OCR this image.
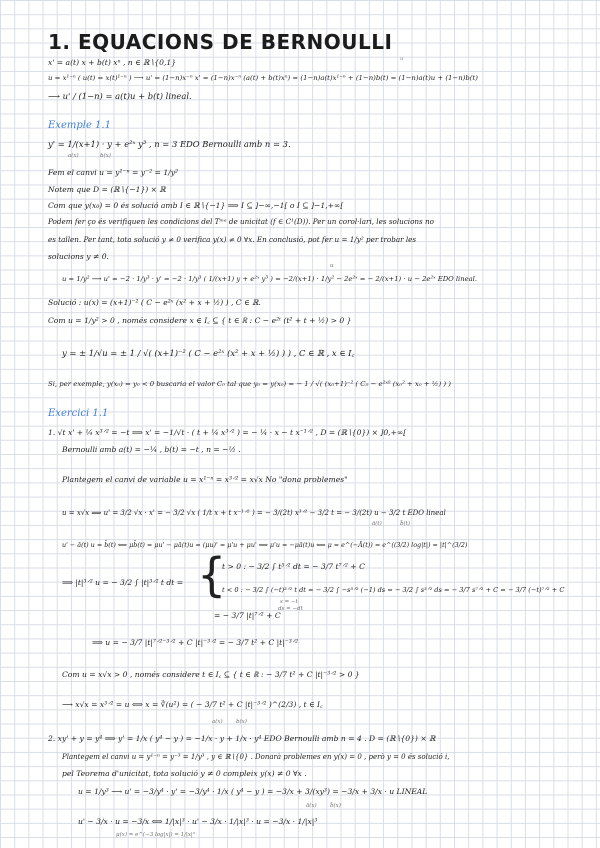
1. EQUACIONS DE BERNOULLI
x' = a(t) x + b(t) xⁿ , n ∈ ℝ∖{0,1}	u
u = x¹⁻ⁿ ( u(t) = x(t)¹⁻ⁿ ) ⟶ u' = (1−n)x⁻ⁿ x' = (1−n)x⁻ⁿ (a(t) + b(t)xⁿ) = (1−n)a(t)x¹⁻ⁿ + (1−n)b(t) = (1−n)a(t)u + (1−n)b(t)
⟶ u' / (1−n) = a(t)u + b(t) lineal.
Exemple 1.1
y' = 1/(x+1) · y + e²ˣ y³ , n = 3 EDO Bernoulli amb n = 3.
a(x)	b(x)
Fem el canvi u = y¹⁻ⁿ = y⁻² = 1/y²
Notem que D = (ℝ∖{−1}) × ℝ
Com que y(x₀) = 0 és solució amb I ∈ ℝ∖{−1} ⟹ I ⊆ ]−∞,−1[ o I ⊆ ]−1,+∞[
Podem fer ço és verifiquen les condicions del Tᵐᵃ de unicitat (f ∈ C¹(D)). Per un corol·lari, les solucions no
es tallen. Per tant, tota solució y ≠ 0 verifica y(x) ≠ 0 ∀x. En conclusió, pot fer u = 1/y² per trobar les
solucions y ≠ 0.
u
u = 1/y² ⟶ u' = −2 · 1/y³ · y' = −2 · 1/y³ ( 1/(x+1) y + e²ˣ y³ ) = −2/(x+1) · 1/y² − 2e²ˣ = − 2/(x+1) · u − 2e²ˣ EDO lineal.
Solució : u(x) = (x+1)⁻² ( C − e²ˣ (x² + x + ½) ) , C ∈ ℝ.
Com u = 1/y² > 0 , només considere x ∈ I꜀ ⊆ { t ∈ ℝ : C − e²ᵗ (t² + t + ½) > 0 }
y = ± 1/√u = ± 1 / √( (x+1)⁻² ( C − e²ˣ (x² + x + ½) ) ) , C ∈ ℝ , x ∈ I꜀
Si, per exemple, y(x₀) = y₀ < 0 buscaria el valor C₀ tal que y₀ = y(x₀) = − 1 / √( (x₀+1)⁻² ( C₀ − e²ˣ⁰ (x₀² + x₀ + ½) ) )
Exercici 1.1
1. √t x' + ¼ x³ᐟ² = −t ⟹ x' = −1/√t · ( t + ¼ x³ᐟ² ) = − ¼ · x − t x⁻¹ᐟ² , D = (ℝ∖{0}) × ]0,+∞[
Bernoulli amb a(t) = −¼ , b(t) = −t , n = −½ .
Plantegem el canvi de variable u = x¹⁻ⁿ = x³ᐟ² = x√x No "dona problemes"
u = x√x ⟹ u' = 3/2 √x · x' = − 3/2 √x ( 1/t x + t x⁻¹ᐟ² ) = − 3/(2t) x³ᐟ² − 3/2 t = − 3/(2t) u − 3/2 t EDO lineal
ā(t)	b̄(t)
u' − ā(t) u = b̄(t) ⟺ μb̄(t) = μu' − μā(t)u = (μu)' = μ'u + μu' ⟺ μ'u = −μā(t)u ⟺ μ = e^(−Ā(t)) = e^((3/2) log|t|) = |t|^(3/2)
⟹ |t|³ᐟ² u = − 3/2 ∫ |t|³ᐟ² t dt = {
t > 0 : − 3/2 ∫ t⁵ᐟ² dt = − 3/7 t⁷ᐟ² + C
t < 0 : − 3/2 ∫ (−t)³ᐟ² t dt = − 3/2 ∫ −s³ᐟ² (−1) ds = − 3/2 ∫ s³ᐟ² ds = − 3/7 s⁷ᐟ² + C = − 3/7 (−t)⁷ᐟ² + C
s = −t
ds = −dt
= − 3/7 |t|⁷ᐟ² + C
⟹ u = − 3/7 |t|⁷ᐟ²⁻³ᐟ² + C |t|⁻³ᐟ² = − 3/7 t² + C |t|⁻³ᐟ²
Com u = x√x > 0 , només considere t ∈ I꜀ ⊆ { t ∈ ℝ : − 3/7 t² + C |t|⁻³ᐟ² > 0 }
⟶ x√x = x³ᐟ² = u ⟺ x = ∛(u²) = ( − 3/7 t² + C |t|⁻³ᐟ² )^(2/3) , t ∈ I꜀
a(x) b(x)
2. xy' + y = y⁴ ⟹ y' = 1/x ( y⁴ − y ) = −1/x · y + 1/x · y⁴ EDO Bernoulli amb n = 4 . D = (ℝ∖{0}) × ℝ
Plantegem el canvi u = y¹⁻ⁿ = y⁻³ = 1/y³ , y ∈ ℝ∖{0} . Donarà problemes en y(x) = 0 , però y = 0 és solució i,
pel Teorema d'unicitat, tota solució y ≠ 0 compleix y(x) ≠ 0 ∀x .
u = 1/y³ ⟶ u' = −3/y⁴ · y' = −3/y⁴ · 1/x ( y⁴ − y ) = −3/x + 3/(xy³) = −3/x + 3/x · u LINEAL
ā(x) b̄(x)
u' − 3/x · u = −3/x ⟺ 1/|x|³ · u' − 3/x · 1/|x|³ · u = −3/x · 1/|x|³
μ(x) = e^(−3 log|x|) = 1/|x|³
